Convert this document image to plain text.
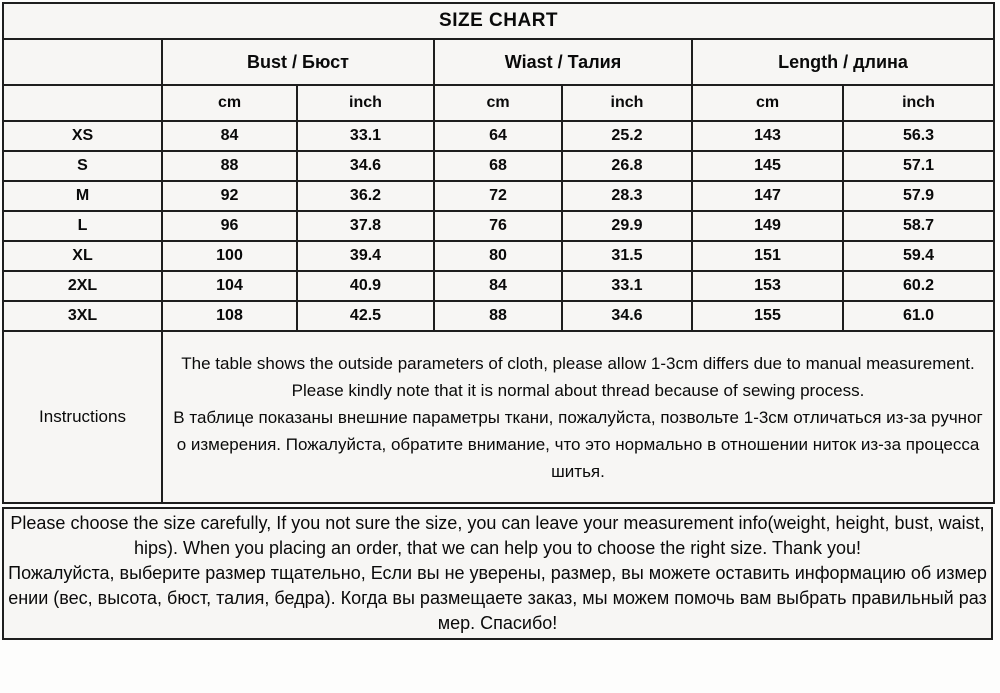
SIZE CHART						
	Bust / Бюст		Wiast / Талия		Length / длина	
	cm	inch	cm	inch	cm	inch
XS	84	33.1	64	25.2	143	56.3
S	88	34.6	68	26.8	145	57.1
M	92	36.2	72	28.3	147	57.9
L	96	37.8	76	29.9	149	58.7
XL	100	39.4	80	31.5	151	59.4
2XL	104	40.9	84	33.1	153	60.2
3XL	108	42.5	88	34.6	155	61.0
Instructions	The table shows the outside parameters of cloth, please allow 1-3cm differs due to manual measurement. Please kindly note that it is normal about thread because of sewing process.

В таблице показаны внешние параметры ткани, пожалуйста, позвольте 1-3см отличаться из-за ручного измерения. Пожалуйста, обратите внимание, что это нормально в отношении ниток из-за процесса шитья.					

Please choose the size carefully, If you not sure the size, you can leave your measurement info(weight, height, bust, waist, hips). When you placing an order, that we can help you to choose the right size. Thank you!

Пожалуйста, выберите размер тщательно, Если вы не уверены, размер, вы можете оставить информацию об измерении (вес, высота, бюст, талия, бедра). Когда вы размещаете заказ, мы можем помочь вам выбрать правильный размер. Спасибо!
